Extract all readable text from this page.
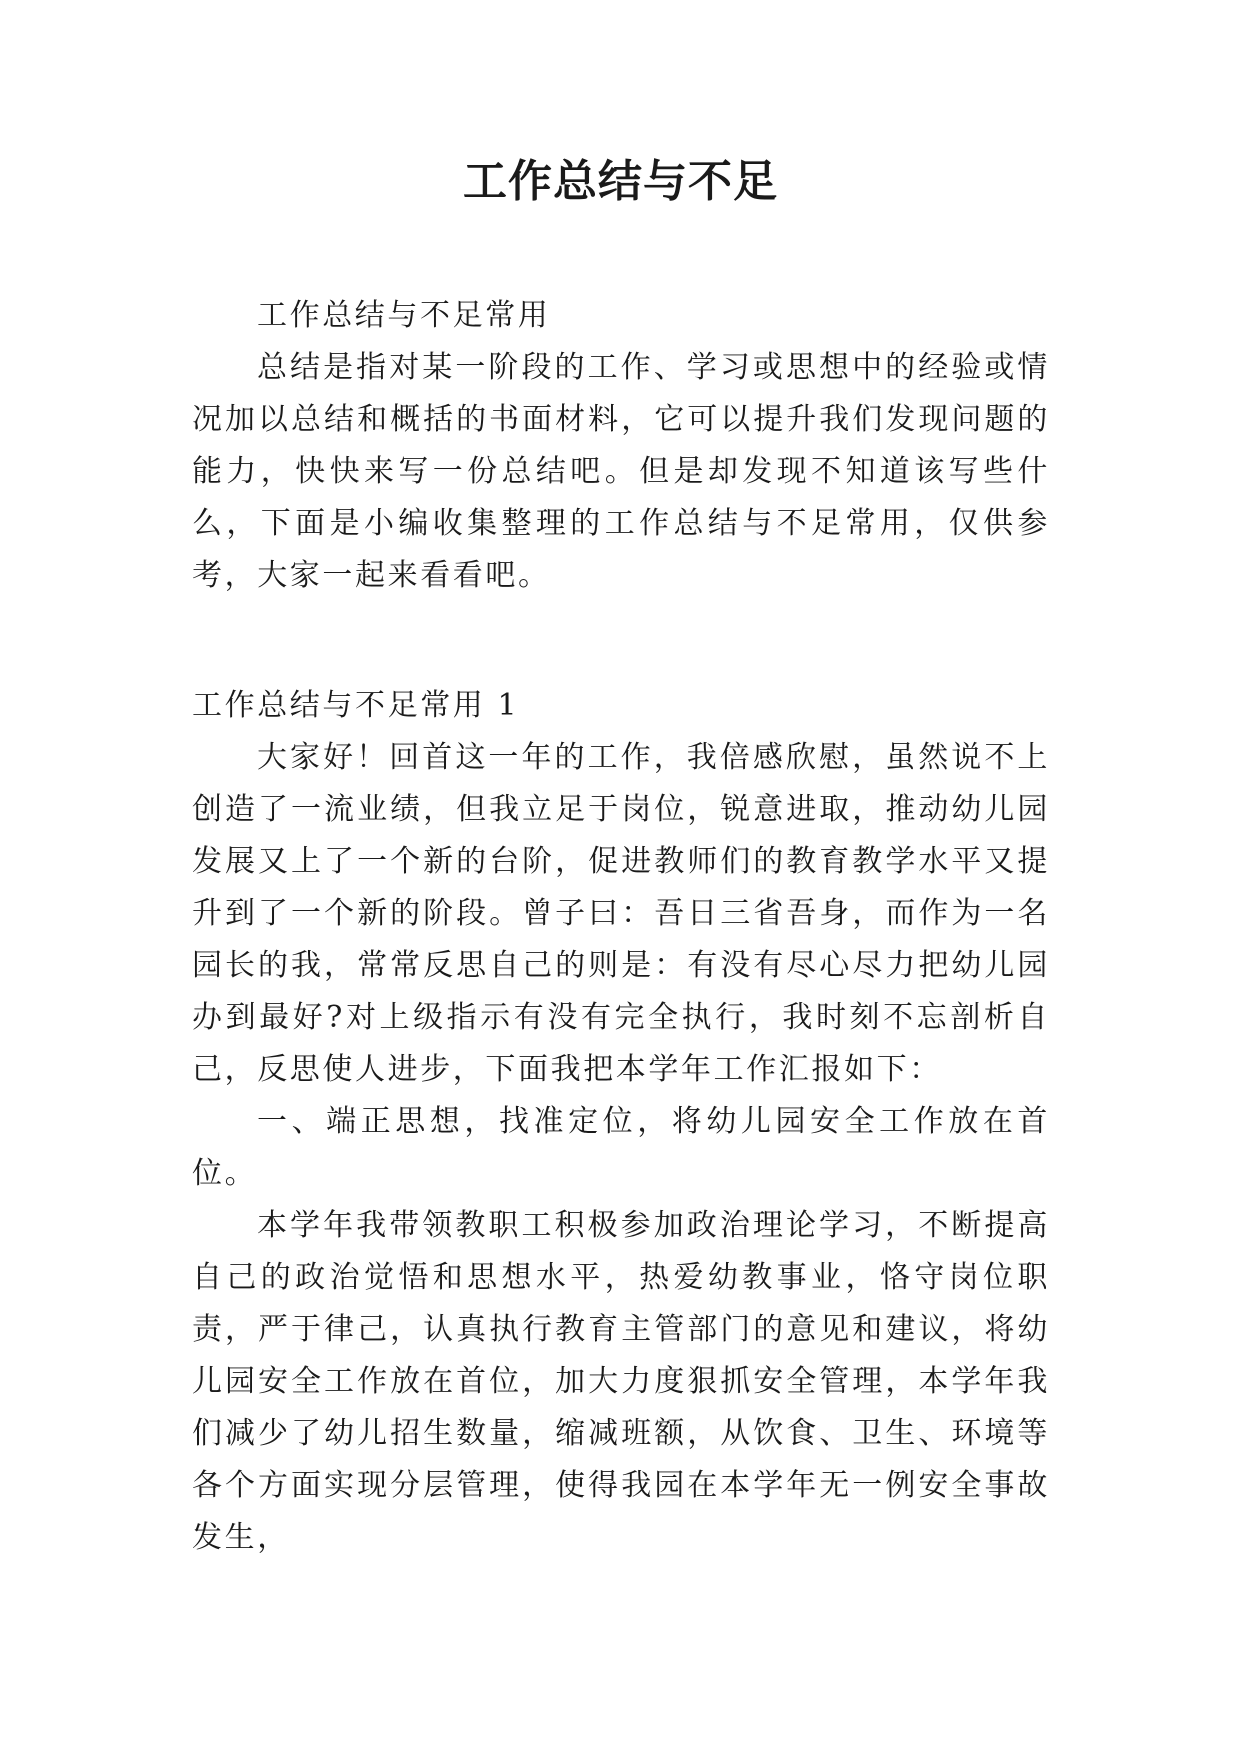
工作总结与不足

工作总结与不足常用

总结是指对某一阶段的工作、学习或思想中的经验或情况加以总结和概括的书面材料，它可以提升我们发现问题的能力，快快来写一份总结吧。但是却发现不知道该写些什么，下面是小编收集整理的工作总结与不足常用，仅供参考，大家一起来看看吧。

工作总结与不足常用 1

大家好！回首这一年的工作，我倍感欣慰，虽然说不上创造了一流业绩，但我立足于岗位，锐意进取，推动幼儿园发展又上了一个新的台阶，促进教师们的教育教学水平又提升到了一个新的阶段。曾子曰：吾日三省吾身，而作为一名园长的我，常常反思自己的则是：有没有尽心尽力把幼儿园办到最好?对上级指示有没有完全执行，我时刻不忘剖析自己，反思使人进步，下面我把本学年工作汇报如下：

一、端正思想，找准定位，将幼儿园安全工作放在首位。

本学年我带领教职工积极参加政治理论学习，不断提高自己的政治觉悟和思想水平，热爱幼教事业，恪守岗位职责，严于律己，认真执行教育主管部门的意见和建议，将幼儿园安全工作放在首位，加大力度狠抓安全管理，本学年我们减少了幼儿招生数量，缩减班额，从饮食、卫生、环境等各个方面实现分层管理，使得我园在本学年无一例安全事故发生，
